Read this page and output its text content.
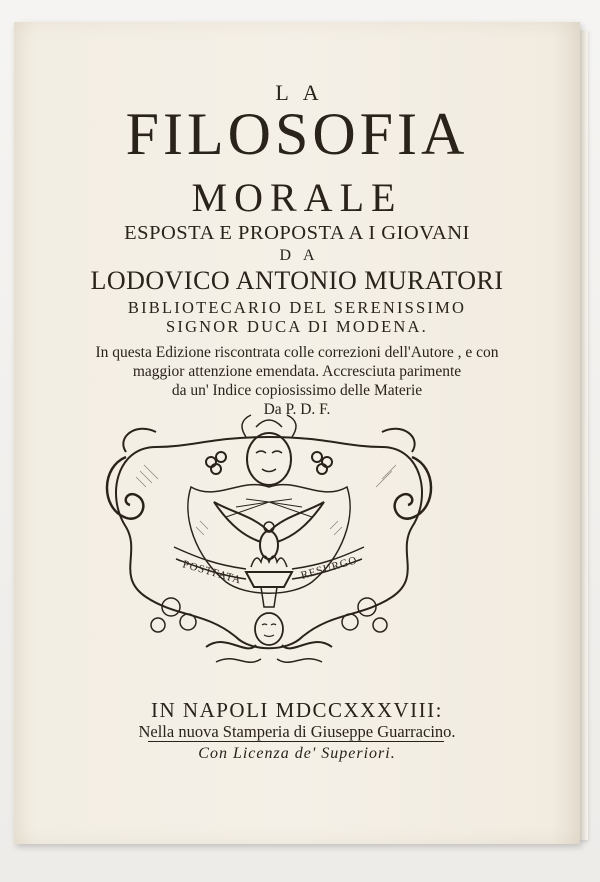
LA
FILOSOFIA
MORALE
ESPOSTA E PROPOSTA A I GIOVANI
DA
LODOVICO ANTONIO MURATORI
BIBLIOTECARIO DEL SERENISSIMO
SIGNOR DUCA DI MODENA.
In questa Edizione riscontrata colle correzioni dell'Autore , e con
maggior attenzione emendata. Accresciuta parimente
da un' Indice copiosissimo delle Materie
Da P. D. F.
POSTFATA	RESURGO
IN NAPOLI MDCCXXXVIII:
Nella nuova Stamperia di Giuseppe Guarracino.
Con Licenza de' Superiori.
